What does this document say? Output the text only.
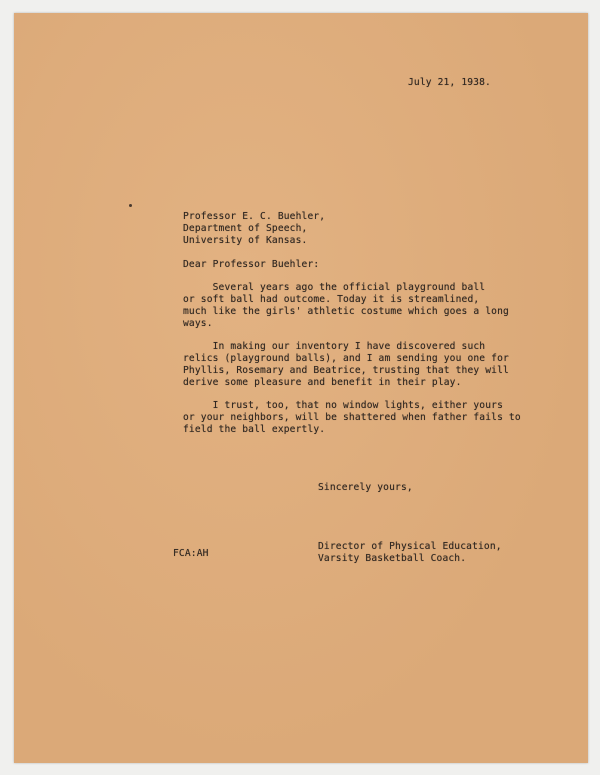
July 21, 1938.
Professor E. C. Buehler,
Department of Speech,
University of Kansas.
Dear Professor Buehler:
Several years ago the official playground ball
or soft ball had outcome. Today it is streamlined,
much like the girls' athletic costume which goes a long
ways.
In making our inventory I have discovered such
relics (playground balls), and I am sending you one for
Phyllis, Rosemary and Beatrice, trusting that they will
derive some pleasure and benefit in their play.
I trust, too, that no window lights, either yours
or your neighbors, will be shattered when father fails to
field the ball expertly.
Sincerely yours,
Director of Physical Education,
Varsity Basketball Coach.
FCA:AH
